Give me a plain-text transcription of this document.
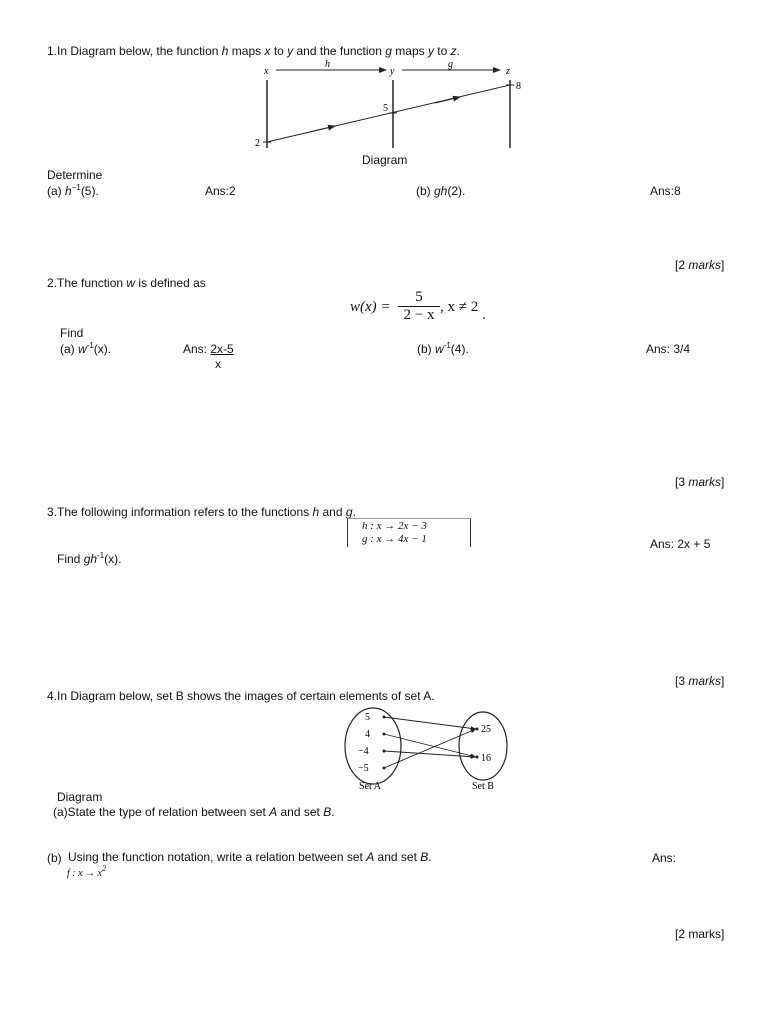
1.In Diagram below, the function h maps x to y and the function g maps y to z.
x	y	z
h	g
2
5
8
Diagram
Determine
(a) $h^{-1}(5)$.	Ans:2	(b) gh(2).	Ans:8
[2 marks]
2.The function w is defined as
w(x) =
5
2 − x , x ≠ 2 .
Find
(a) $w^{-1}(x)$.	Ans: 2x-5
x
(b) $w^{-1}(4)$.	Ans: 3/4
[3 marks]
3.The following information refers to the functions h and g.
h : x → 2x − 3
g : x → 4x − 1	Ans: 2x + 5
Find $gh^{-1}(x)$.
[3 marks]
4.In Diagram below, set B shows the images of certain elements of set A.
5
4
−4
−5
25
16
Set A	Set B
Diagram
(a)State the type of relation between set A and set B.
(b) Using the function notation, write a relation between set A and set B.	Ans:
f : $x \to x^2$
[2 marks]
